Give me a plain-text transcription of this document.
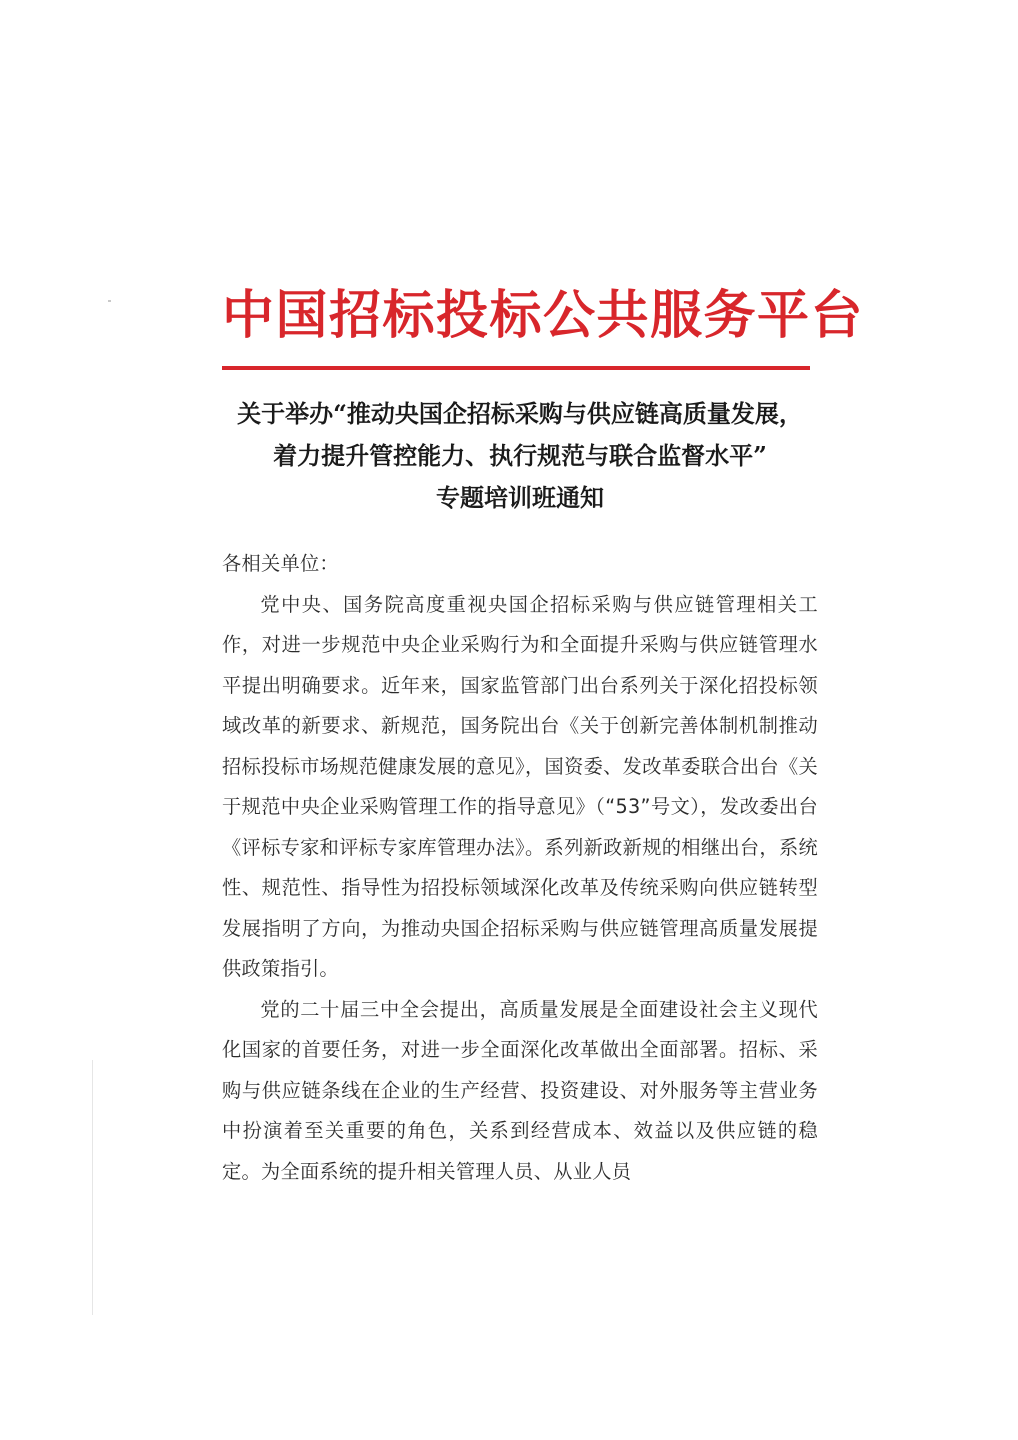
中国招标投标公共服务平台
关于举办“推动央国企招标采购与供应链高质量发展，
着力提升管控能力、执行规范与联合监督水平”
专题培训班通知

各相关单位：

党中央、国务院高度重视央国企招标采购与供应链管理相关工作，对进一步规范中央企业采购行为和全面提升采购与供应链管理水平提出明确要求。近年来，国家监管部门出台系列关于深化招投标领域改革的新要求、新规范，国务院出台《关于创新完善体制机制推动招标投标市场规范健康发展的意见》，国资委、发改革委联合出台《关于规范中央企业采购管理工作的指导意见》（“53”号文），发改委出台《评标专家和评标专家库管理办法》。系列新政新规的相继出台，系统性、规范性、指导性为招投标领域深化改革及传统采购向供应链转型发展指明了方向，为推动央国企招标采购与供应链管理高质量发展提供政策指引。

党的二十届三中全会提出，高质量发展是全面建设社会主义现代化国家的首要任务，对进一步全面深化改革做出全面部署。招标、采购与供应链条线在企业的生产经营、投资建设、对外服务等主营业务中扮演着至关重要的角色，关系到经营成本、效益以及供应链的稳定。为全面系统的提升相关管理人员、从业人员
